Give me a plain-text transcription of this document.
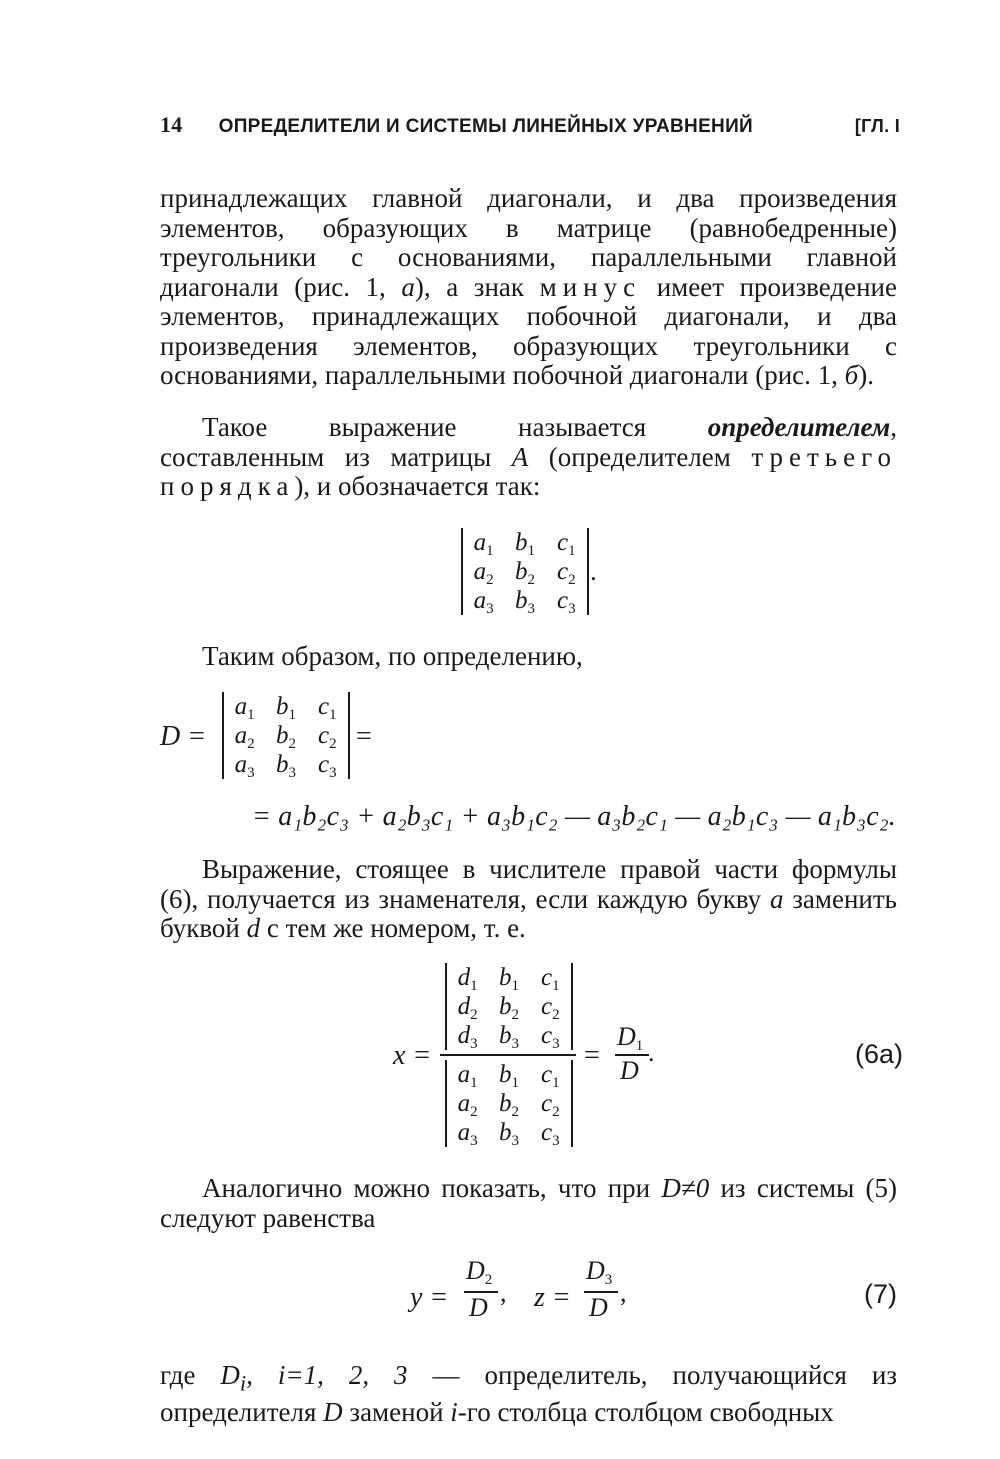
14 ОПРЕДЕЛИТЕЛИ И СИСТЕМЫ ЛИНЕЙНЫХ УРАВНЕНИЙ	[ГЛ. I

принадлежащих главной диагонали, и два произведения элементов, образующих в матрице (равнобедренные) треугольники с основаниями, параллельными главной диагонали (рис. 1, а), а знак минус имеет произведение элементов, принадлежащих побочной диагонали, и два произведения элементов, образующих треугольники с основаниями, параллельными побочной диагонали (рис. 1, б).

Такое выражение называется определителем, составленным из матрицы A (определителем третьего порядка), и обозначается так:

$a_1$ $b_1$ $c_1$
$a_2$ $b_2$ $c_2$
$a_3$ $b_3$ $c_3$
.

Таким образом, по определению,

D =
$a_1$ $b_1$ $c_1$
$a_2$ $b_2$ $c_2$
$a_3$ $b_3$ $c_3$
=
= a₁b₂c₃ + a₂b₃c₁ + a₃b₁c₂ — a₃b₂c₁ — a₂b₁c₃ — a₁b₃c₂.

Выражение, стоящее в числителе правой части формулы (6), получается из знаменателя, если каждую букву a заменить буквой d с тем же номером, т. е.

x =
$d_1$ $b_1$ $c_1$
$d_2$ $b_2$ $c_2$
$d_3$ $b_3$ $c_3$
$a_1$ $b_1$ $c_1$
$a_2$ $b_2$ $c_2$
$a_3$ $b_3$ $c_3$
=
$D_1$
D
.	(6a)

Аналогично можно показать, что при D≠0 из системы (5) следуют равенства

y =
$D_2$
D
, z =
$D_3$
D
,	(7)

где $D_i$, i=1, 2, 3 — определитель, получающийся из определителя D заменой i-го столбца столбцом свободных
